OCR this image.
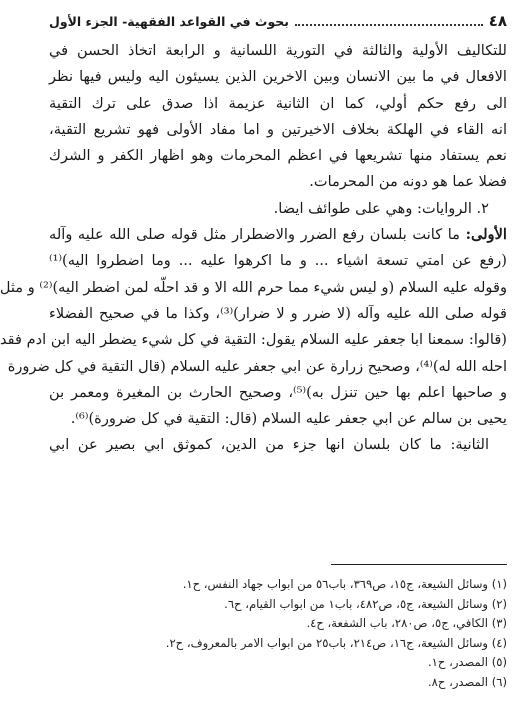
٤٨
بحوث في القواعد الفقهية- الجزء الأول
للتكاليف الأولية والثالثة في التورية اللسانية و الرابعة اتخاذ الحسن في
الافعال في ما بين الانسان وبين الاخرين الذين يسيئون اليه وليس فيها نظر
الى رفع حكم أولي، كما ان الثانية عزيمة اذا صدق على ترك التقية
انه القاء في الهلكة بخلاف الاخيرتين و اما مفاد الأولى فهو تشريع التقية،
نعم يستفاد منها تشريعها في اعظم المحرمات وهو اظهار الكفر و الشرك
فضلا عما هو دونه من المحرمات.
٢. الروايات: وهي على طوائف ايضا.
الأولى: ما كانت بلسان رفع الضرر والاضطرار مثل قوله صلى الله عليه وآله
(رفع عن امتي تسعة اشياء ... و ما اكرهوا عليه ... وما اضطروا اليه)⁽¹⁾
وقوله عليه السلام (و ليس شيء مما حرم الله الا و قد احلّه لمن اضطر اليه)⁽²⁾ و مثل
قوله صلى الله عليه وآله (لا ضرر و لا ضرار)⁽³⁾، وكذا ما في صحيح الفضلاء
(قالوا: سمعنا ابا جعفر عليه السلام يقول: التقية في كل شيء يضطر اليه ابن ادم فقد
احله الله له)⁽⁴⁾، وصحيح زرارة عن ابي جعفر عليه السلام (قال التقية في كل ضرورة
و صاحبها اعلم بها حين تنزل به)⁽⁵⁾، وصحيح الحارث بن المغيرة ومعمر بن
يحيى بن سالم عن ابي جعفر عليه السلام (قال: التقية في كل ضرورة)⁽⁶⁾.
الثانية: ما كان بلسان انها جزء من الدين، كموثق ابي بصير عن ابي
(١) وسائل الشيعة، ج١٥، ص٣٦٩، باب٥٦ من ابواب جهاد النفس، ح١.
(٢) وسائل الشيعة، ج٥، ص٤٨٢، باب١ من ابواب القيام، ح٦.
(٣) الكافي، ج٥، ص٢٨٠، باب الشفعة، ح٤.
(٤) وسائل الشيعة، ج١٦، ص٢١٤، باب٢٥ من ابواب الامر بالمعروف، ح٢.
(٥) المصدر، ح١.
(٦) المصدر، ح٨.
